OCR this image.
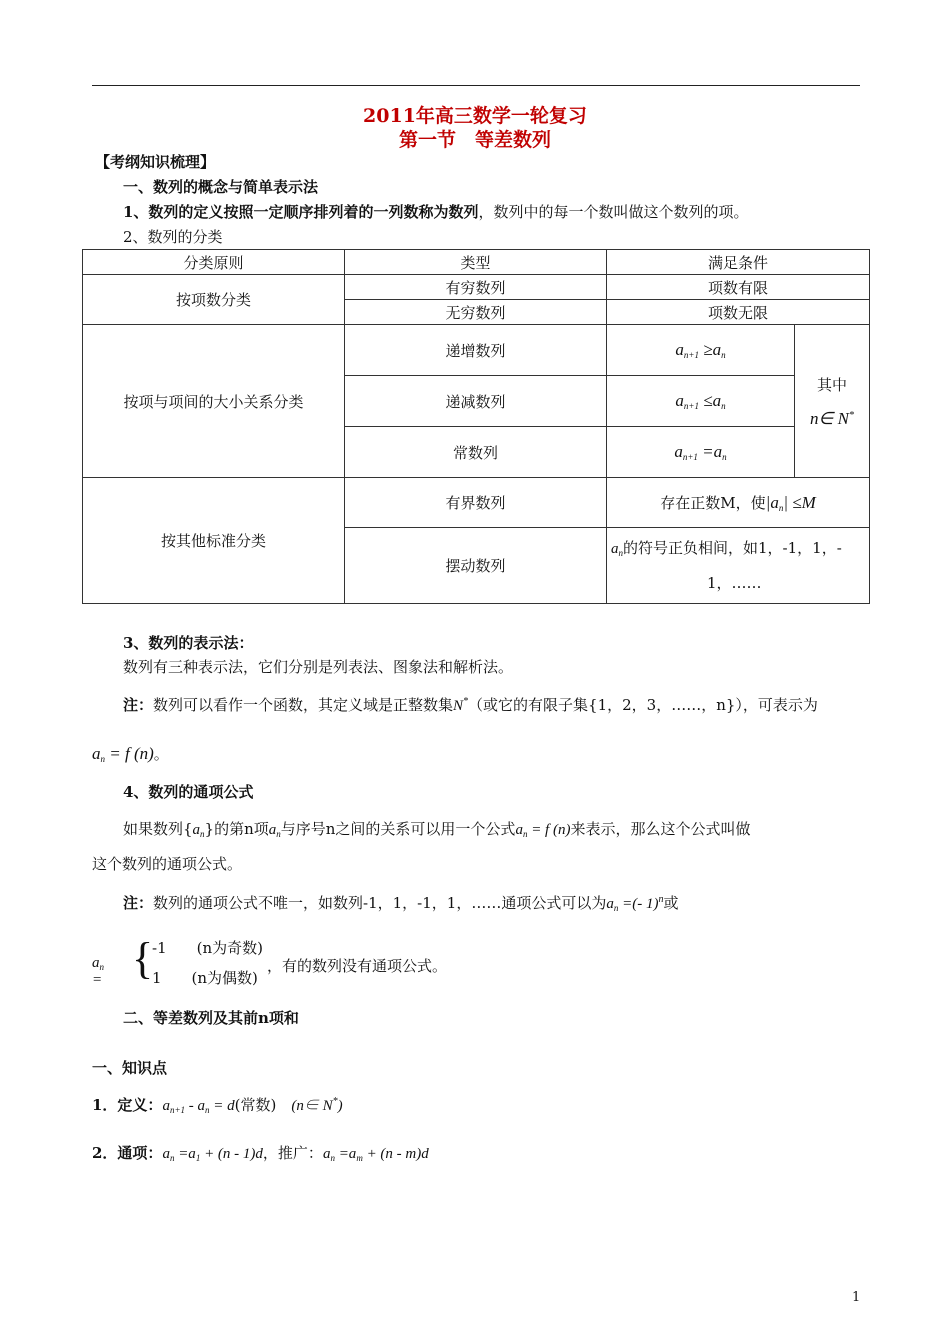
2011年高三数学一轮复习
第一节　等差数列
【考纲知识梳理】
一、数列的概念与简单表示法
1、数列的定义按照一定顺序排列着的一列数称为数列，数列中的每一个数叫做这个数列的项。
2、数列的分类
分类原则	类型	满足条件	
按项数分类	有穷数列	项数有限	
	无穷数列	项数无限	
按项与项间的大小关系分类	递增数列	$a_{n+1} \ge a_n$	其中
n∈ N*

	递减数列	$a_{n+1} \le a_n$
	常数列	$a_{n+1} =a_n$
按其他标准分类	有界数列	存在正数M，使$|a_n| \le M$	
	摆动数列	$a_n$的符号正负相间，如1，-1，1，-
1，……	
3、数列的表示法：
数列有三种表示法，它们分别是列表法、图象法和解析法。
注：数列可以看作一个函数，其定义域是正整数集N*（或它的有限子集{1，2，3，……，n}），可表示为
$a_n = f$ (n)。
4、数列的通项公式
如果数列$\{a_n\}$的第n项$a_n$与序号n之间的关系可以用一个公式$a_n = f$ (n)来表示，那么这个公式叫做
这个数列的通项公式。
注：数列的通项公式不唯一，如数列-1，1，-1，1，……通项公式可以为$a_n$ =(- 1)$^n$或
$a_n$ = {
-1　　(n为奇数)
1　　(n为偶数)
，有的数列没有通项公式。
二、等差数列及其前n项和
一、知识点
1．定义：$a_{n+1} - a_n = d$(常数)　(n∈ N*)
2．通项：$a_n =a_1 + (n - 1)d$，推广：$a_n =a_m + (n - m)d$
1
